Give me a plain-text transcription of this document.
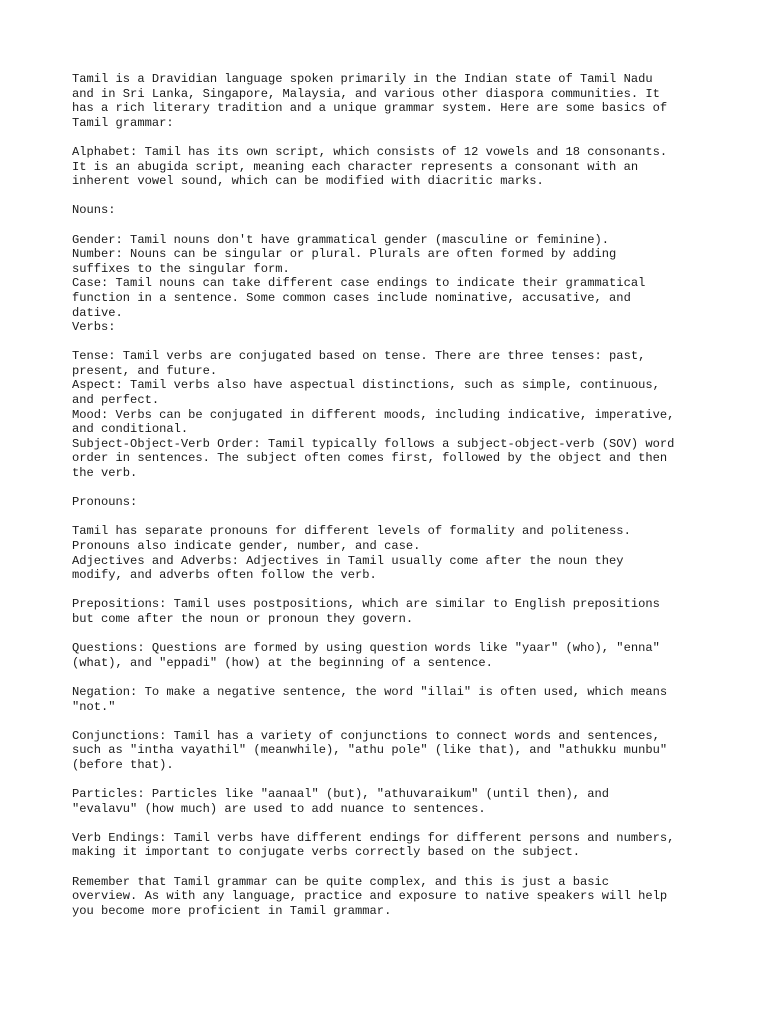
Tamil is a Dravidian language spoken primarily in the Indian state of Tamil Nadu
and in Sri Lanka, Singapore, Malaysia, and various other diaspora communities. It
has a rich literary tradition and a unique grammar system. Here are some basics of
Tamil grammar:
Alphabet: Tamil has its own script, which consists of 12 vowels and 18 consonants.
It is an abugida script, meaning each character represents a consonant with an
inherent vowel sound, which can be modified with diacritic marks.
Nouns:
Gender: Tamil nouns don't have grammatical gender (masculine or feminine).
Number: Nouns can be singular or plural. Plurals are often formed by adding
suffixes to the singular form.
Case: Tamil nouns can take different case endings to indicate their grammatical
function in a sentence. Some common cases include nominative, accusative, and
dative.
Verbs:
Tense: Tamil verbs are conjugated based on tense. There are three tenses: past,
present, and future.
Aspect: Tamil verbs also have aspectual distinctions, such as simple, continuous,
and perfect.
Mood: Verbs can be conjugated in different moods, including indicative, imperative,
and conditional.
Subject-Object-Verb Order: Tamil typically follows a subject-object-verb (SOV) word
order in sentences. The subject often comes first, followed by the object and then
the verb.
Pronouns:
Tamil has separate pronouns for different levels of formality and politeness.
Pronouns also indicate gender, number, and case.
Adjectives and Adverbs: Adjectives in Tamil usually come after the noun they
modify, and adverbs often follow the verb.
Prepositions: Tamil uses postpositions, which are similar to English prepositions
but come after the noun or pronoun they govern.
Questions: Questions are formed by using question words like "yaar" (who), "enna"
(what), and "eppadi" (how) at the beginning of a sentence.
Negation: To make a negative sentence, the word "illai" is often used, which means
"not."
Conjunctions: Tamil has a variety of conjunctions to connect words and sentences,
such as "intha vayathil" (meanwhile), "athu pole" (like that), and "athukku munbu"
(before that).
Particles: Particles like "aanaal" (but), "athuvaraikum" (until then), and
"evalavu" (how much) are used to add nuance to sentences.
Verb Endings: Tamil verbs have different endings for different persons and numbers,
making it important to conjugate verbs correctly based on the subject.
Remember that Tamil grammar can be quite complex, and this is just a basic
overview. As with any language, practice and exposure to native speakers will help
you become more proficient in Tamil grammar.
